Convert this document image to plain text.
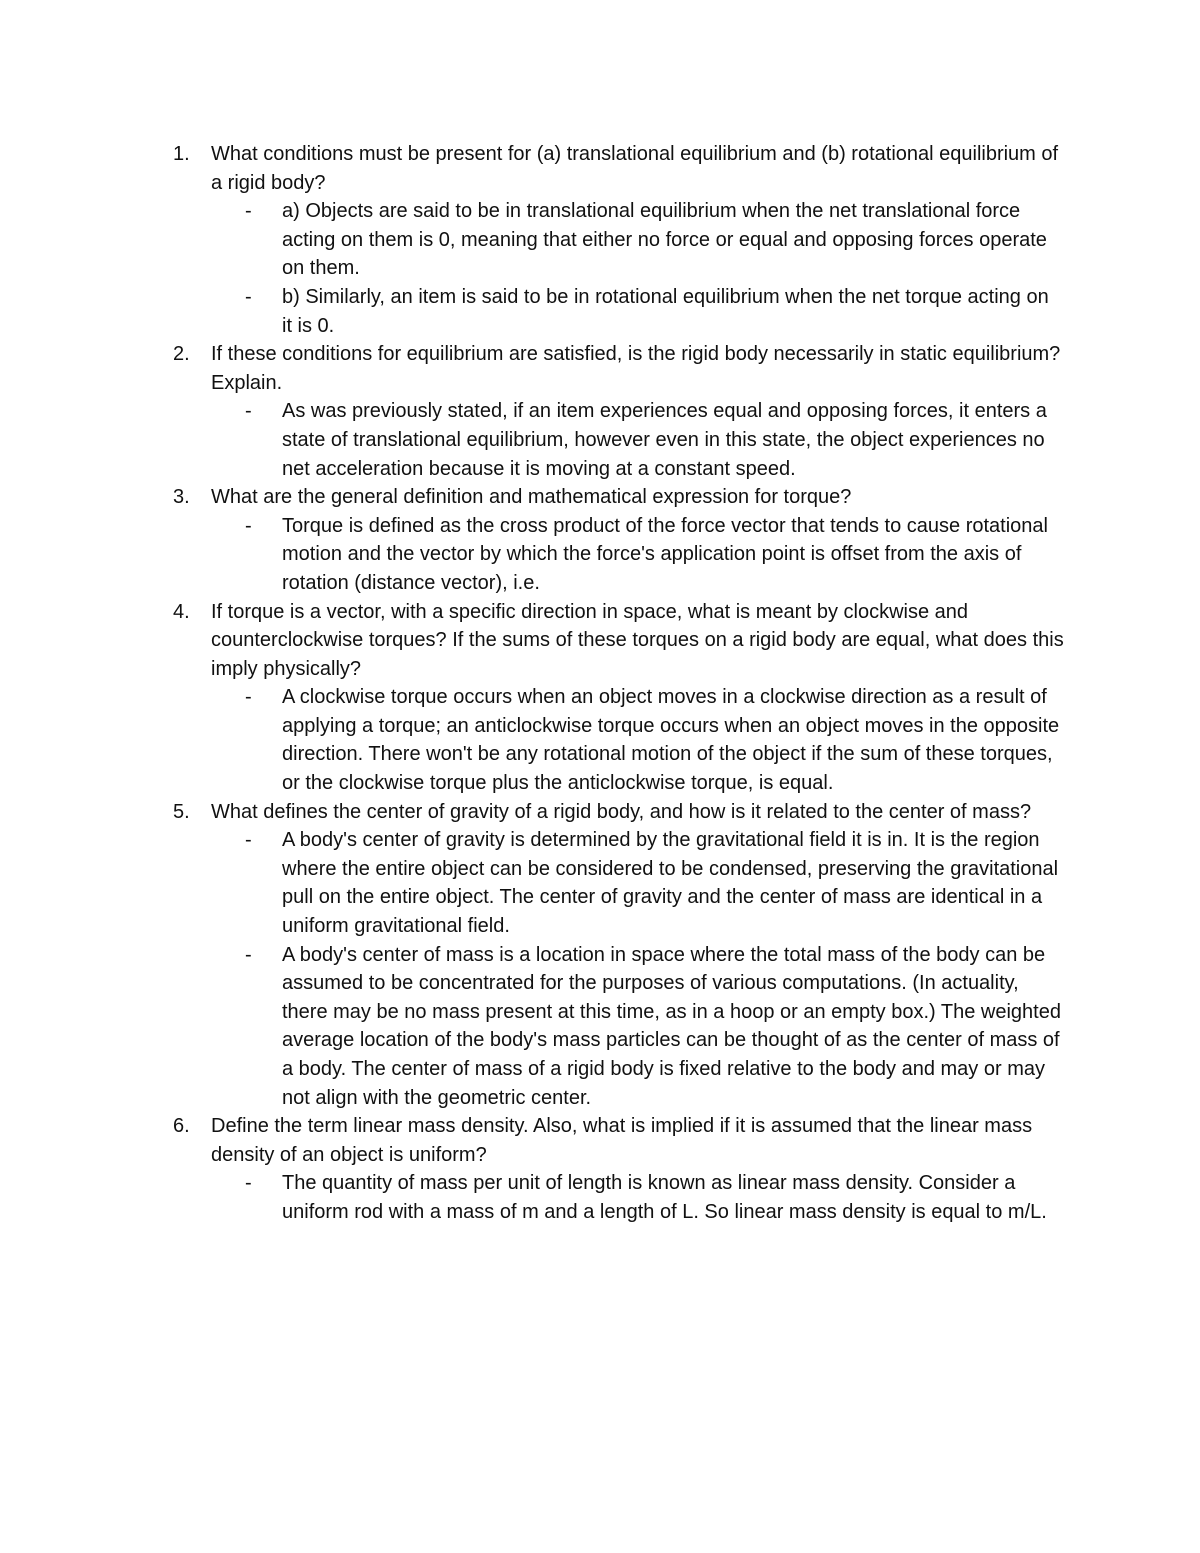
1.	What conditions must be present for (a) translational equilibrium and (b) rotational equilibrium of a rigid body?

- a) Objects are said to be in translational equilibrium when the net translational force acting on them is 0, meaning that either no force or equal and opposing forces operate on them.

- b) Similarly, an item is said to be in rotational equilibrium when the net torque acting on it is 0.

2.	If these conditions for equilibrium are satisfied, is the rigid body necessarily in static equilibrium? Explain.

- As was previously stated, if an item experiences equal and opposing forces, it enters a state of translational equilibrium, however even in this state, the object experiences no net acceleration because it is moving at a constant speed.

3.	What are the general definition and mathematical expression for torque?

- Torque is defined as the cross product of the force vector that tends to cause rotational motion and the vector by which the force's application point is offset from the axis of rotation (distance vector), i.e.

4.	If torque is a vector, with a specific direction in space, what is meant by clockwise and counterclockwise torques? If the sums of these torques on a rigid body are equal, what does this imply physically?

- A clockwise torque occurs when an object moves in a clockwise direction as a result of applying a torque; an anticlockwise torque occurs when an object moves in the opposite direction. There won't be any rotational motion of the object if the sum of these torques, or the clockwise torque plus the anticlockwise torque, is equal.

5.	What defines the center of gravity of a rigid body, and how is it related to the center of mass?

- A body's center of gravity is determined by the gravitational field it is in. It is the region where the entire object can be considered to be condensed, preserving the gravitational pull on the entire object. The center of gravity and the center of mass are identical in a uniform gravitational field.

- A body's center of mass is a location in space where the total mass of the body can be assumed to be concentrated for the purposes of various computations. (In actuality, there may be no mass present at this time, as in a hoop or an empty box.) The weighted average location of the body's mass particles can be thought of as the center of mass of a body. The center of mass of a rigid body is fixed relative to the body and may or may not align with the geometric center.

6.	Define the term linear mass density. Also, what is implied if it is assumed that the linear mass density of an object is uniform?

- The quantity of mass per unit of length is known as linear mass density. Consider a uniform rod with a mass of m and a length of L. So linear mass density is equal to m/L.
